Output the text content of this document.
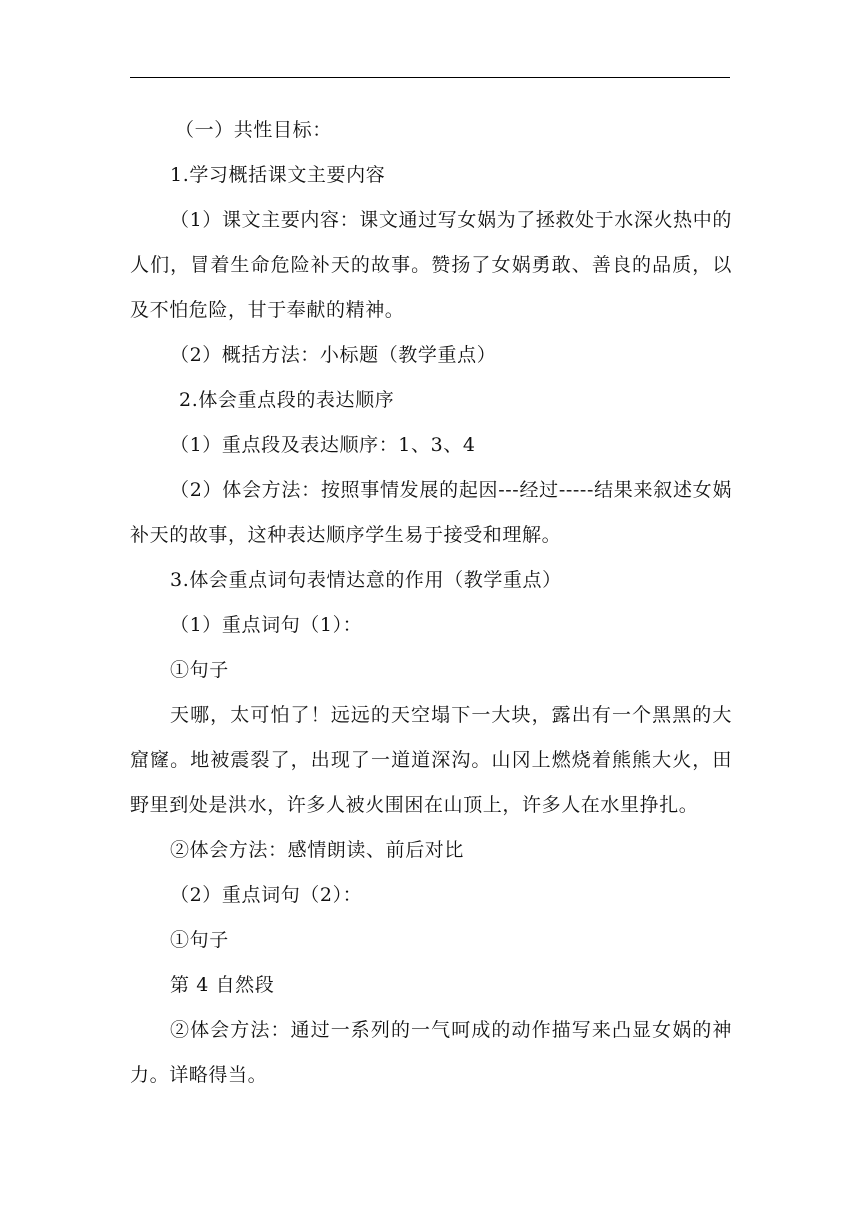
（一）共性目标：

1.学习概括课文主要内容

（1）课文主要内容：课文通过写女娲为了拯救处于水深火热中的人们，冒着生命危险补天的故事。赞扬了女娲勇敢、善良的品质，以及不怕危险，甘于奉献的精神。

（2）概括方法：小标题（教学重点）

2.体会重点段的表达顺序

（1）重点段及表达顺序：1、3、4

（2）体会方法：按照事情发展的起因---经过-----结果来叙述女娲补天的故事，这种表达顺序学生易于接受和理解。

3.体会重点词句表情达意的作用（教学重点）

（1）重点词句（1）：

①句子

天哪，太可怕了！远远的天空塌下一大块，露出有一个黑黑的大窟窿。地被震裂了，出现了一道道深沟。山冈上燃烧着熊熊大火，田野里到处是洪水，许多人被火围困在山顶上，许多人在水里挣扎。

②体会方法：感情朗读、前后对比

（2）重点词句（2）：

①句子

第 4 自然段

②体会方法：通过一系列的一气呵成的动作描写来凸显女娲的神力。详略得当。
